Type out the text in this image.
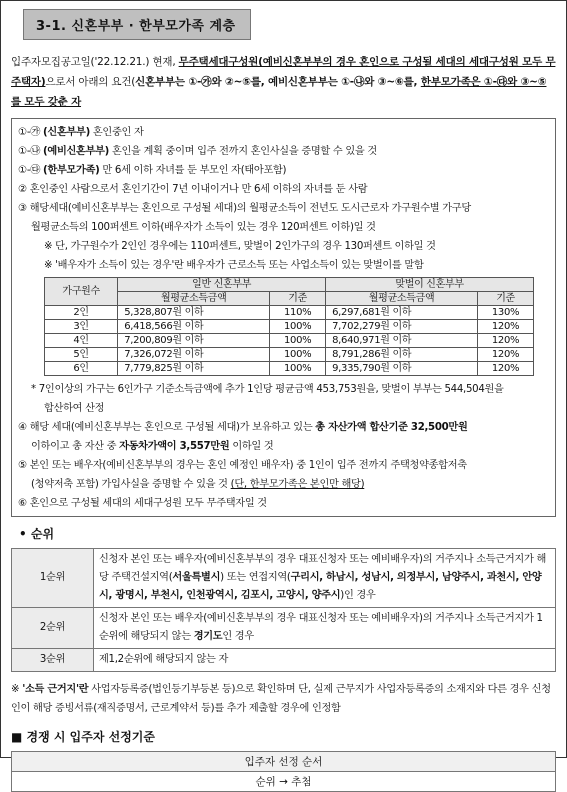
3-1. 신혼부부 · 한부모가족 계층
입주자모집공고일('22.12.21.) 현재, 무주택세대구성원(예비신혼부부의 경우 혼인으로 구성될 세대의 세대구성원 모두 무주택자)으로서 아래의 요건(신혼부부는 ①-㉮와 ②~⑤를, 예비신혼부부는 ①-㉯와 ③~⑥를, 한부모가족은 ①-㉰와 ③~⑤를 모두 갖춘 자
①-㉮ (신혼부부) 혼인중인 자
①-㉯ (예비신혼부부) 혼인을 계획 중이며 입주 전까지 혼인사실을 증명할 수 있을 것
①-㉰ (한부모가족) 만 6세 이하 자녀를 둔 부모인 자(태아포함)
② 혼인중인 사람으로서 혼인기간이 7년 이내이거나 만 6세 이하의 자녀를 둔 사람
③ 해당세대(예비신혼부부는 혼인으로 구성될 세대)의 월평균소득이 전년도 도시근로자 가구원수별 가구당
월평균소득의 100퍼센트 이하(배우자가 소득이 있는 경우 120퍼센트 이하)일 것
※ 단, 가구원수가 2인인 경우에는 110퍼센트, 맞벌이 2인가구의 경우 130퍼센트 이하일 것
※ '배우자가 소득이 있는 경우'란 배우자가 근로소득 또는 사업소득이 있는 맞벌이를 말함
가구원수	일반 신혼부부		맞벌이 신혼부부	
	월평균소득금액	기준	월평균소득금액	기준
2인	5,328,807원 이하	110%	6,297,681원 이하	130%
3인	6,418,566원 이하	100%	7,702,279원 이하	120%
4인	7,200,809원 이하	100%	8,640,971원 이하	120%
5인	7,326,072원 이하	100%	8,791,286원 이하	120%
6인	7,779,825원 이하	100%	9,335,790원 이하	120%
* 7인이상의 가구는 6인가구 기준소득금액에 추가 1인당 평균금액 453,753원을, 맞벌이 부부는 544,504원을
합산하여 산정
④ 해당 세대(예비신혼부부는 혼인으로 구성될 세대)가 보유하고 있는 총 자산가액 합산기준 32,500만원
이하이고 총 자산 중 자동차가액이 3,557만원 이하일 것
⑤ 본인 또는 배우자(예비신혼부부의 경우는 혼인 예정인 배우자) 중 1인이 입주 전까지 주택청약종합저축
(청약저축 포함) 가입사실을 증명할 수 있을 것 (단, 한부모가족은 본인만 해당)
⑥ 혼인으로 구성될 세대의 세대구성원 모두 무주택자일 것
• 순위
1순위	신청자 본인 또는 배우자(예비신혼부부의 경우 대표신청자 또는 예비배우자)의 거주지나 소득근거지가 해당 주택건설지역(서울특별시) 또는 연접지역(구리시, 하남시, 성남시, 의정부시, 남양주시, 과천시, 안양시, 광명시, 부천시, 인천광역시, 김포시, 고양시, 양주시)인 경우
2순위	신청자 본인 또는 배우자(예비신혼부부의 경우 대표신청자 또는 예비배우자)의 거주지나 소득근거지가 1순위에 해당되지 않는 경기도인 경우
3순위	제1,2순위에 해당되지 않는 자
※ '소득 근거지'란 사업자등록증(법인등기부등본 등)으로 확인하며 단, 실제 근무지가 사업자등록증의 소재지와 다른 경우 신청인이 해당 증빙서류(재직증명서, 근로계약서 등)를 추가 제출할 경우에 인정함
■ 경쟁 시 입주자 선정기준
입주자 선정 순서
순위 → 추첨
